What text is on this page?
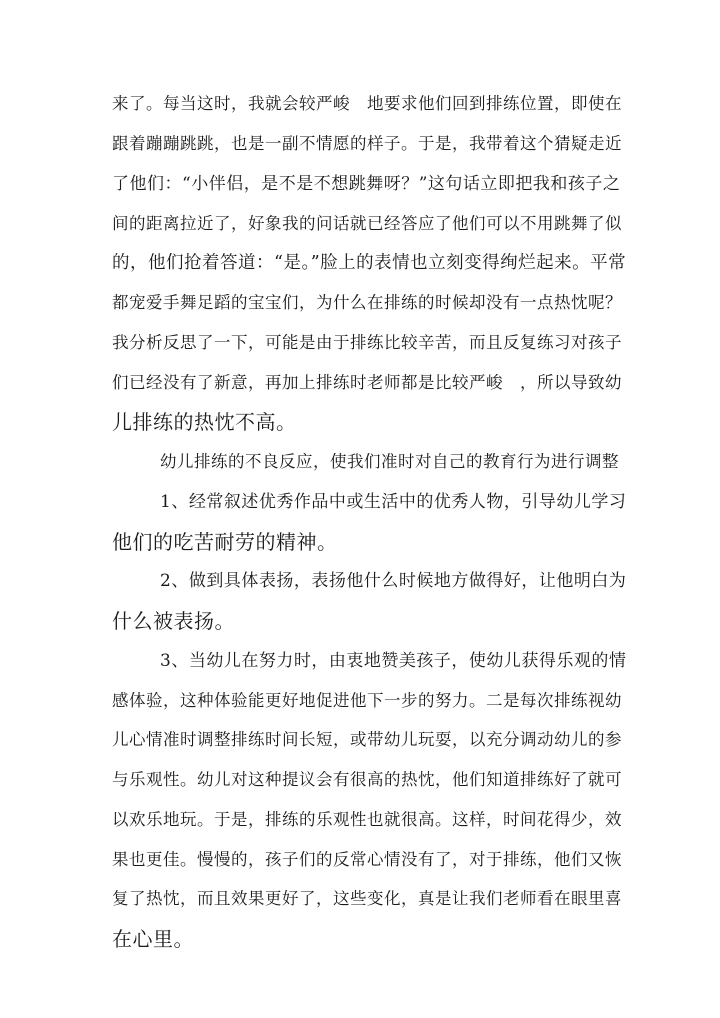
来了。每当这时，我就会较严峻　地要求他们回到排练位置，即使在
跟着蹦蹦跳跳，也是一副不情愿的样子。于是，我带着这个猜疑走近
了他们：“小伴侣，是不是不想跳舞呀？”这句话立即把我和孩子之
间的距离拉近了，好象我的问话就已经答应了他们可以不用跳舞了似
的，他们抢着答道：“是。”脸上的表情也立刻变得绚烂起来。平常
都宠爱手舞足蹈的宝宝们，为什么在排练的时候却没有一点热忱呢？
我分析反思了一下，可能是由于排练比较辛苦，而且反复练习对孩子
们已经没有了新意，再加上排练时老师都是比较严峻　，所以导致幼
儿排练的热忱不高。
幼儿排练的不良反应，使我们准时对自己的教育行为进行调整
1、经常叙述优秀作品中或生活中的优秀人物，引导幼儿学习
他们的吃苦耐劳的精神。
2、做到具体表扬，表扬他什么时候地方做得好，让他明白为
什么被表扬。
3、当幼儿在努力时，由衷地赞美孩子，使幼儿获得乐观的情
感体验，这种体验能更好地促进他下一步的努力。二是每次排练视幼
儿心情准时调整排练时间长短，或带幼儿玩耍，以充分调动幼儿的参
与乐观性。幼儿对这种提议会有很高的热忱，他们知道排练好了就可
以欢乐地玩。于是，排练的乐观性也就很高。这样，时间花得少，效
果也更佳。慢慢的，孩子们的反常心情没有了，对于排练，他们又恢
复了热忱，而且效果更好了，这些变化，真是让我们老师看在眼里喜
在心里。
